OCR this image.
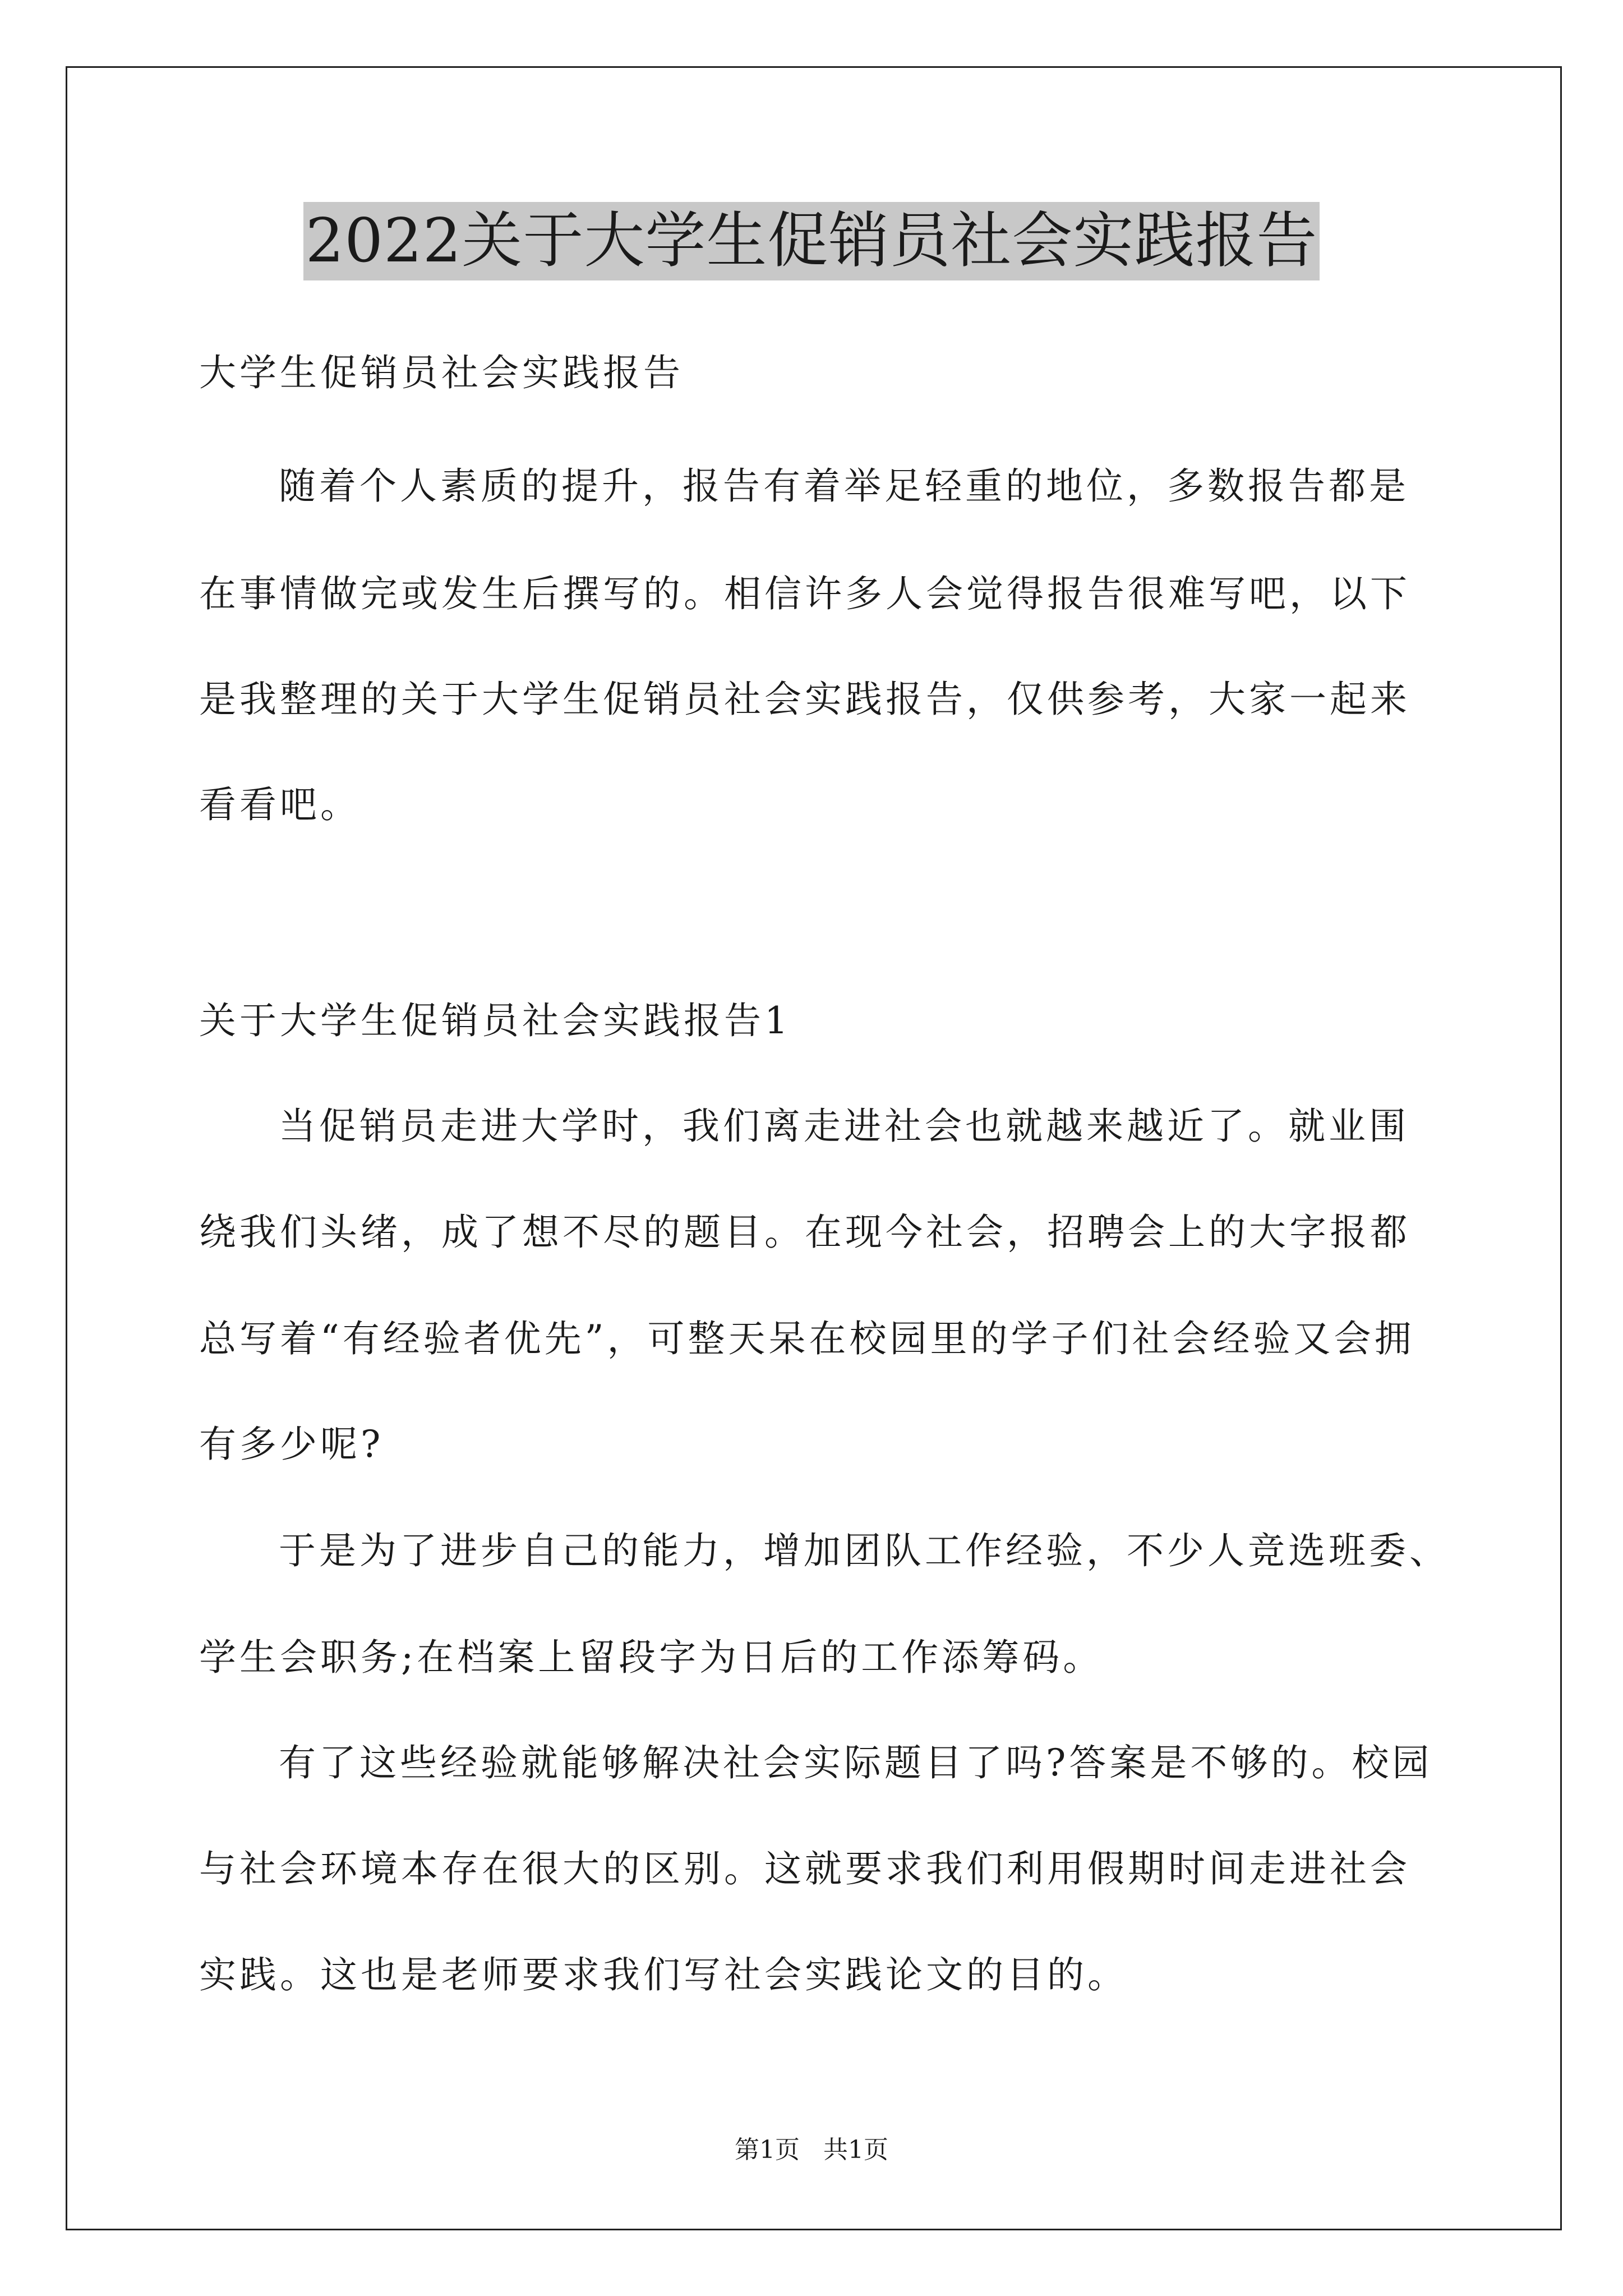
2022关于大学生促销员社会实践报告
大学生促销员社会实践报告
随着个人素质的提升，报告有着举足轻重的地位，多数报告都是
在事情做完或发生后撰写的。相信许多人会觉得报告很难写吧，以下
是我整理的关于大学生促销员社会实践报告，仅供参考，大家一起来
看看吧。
关于大学生促销员社会实践报告1
当促销员走进大学时，我们离走进社会也就越来越近了。就业围
绕我们头绪，成了想不尽的题目。在现今社会，招聘会上的大字报都
总写着“有经验者优先”，可整天呆在校园里的学子们社会经验又会拥
有多少呢?
于是为了进步自己的能力，增加团队工作经验，不少人竞选班委、
学生会职务;在档案上留段字为日后的工作添筹码。
有了这些经验就能够解决社会实际题目了吗?答案是不够的。校园
与社会环境本存在很大的区别。这就要求我们利用假期时间走进社会
实践。这也是老师要求我们写社会实践论文的目的。
第1页   共1页
